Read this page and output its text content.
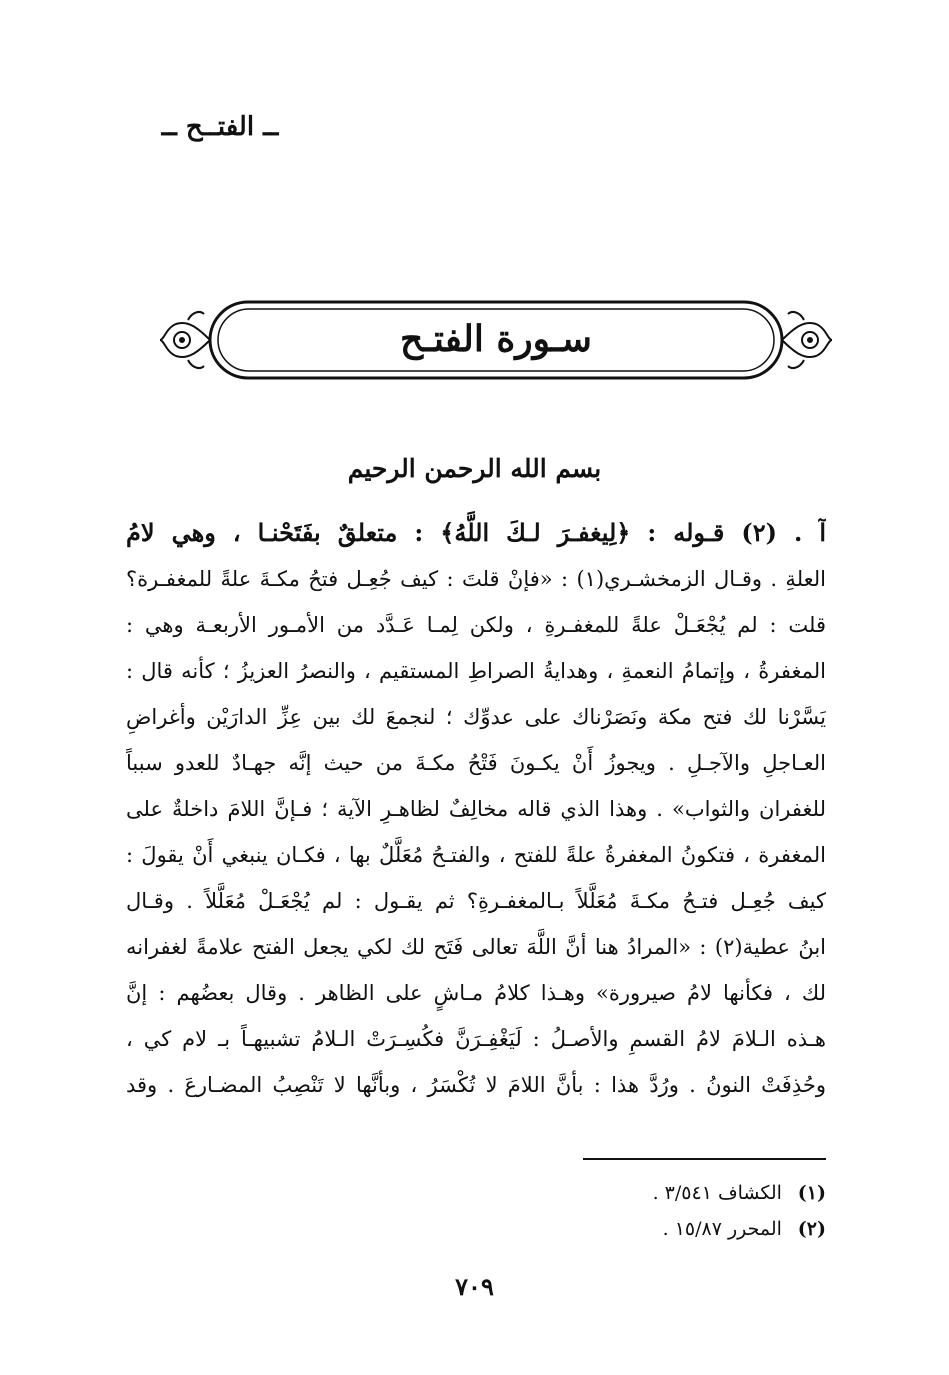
ــ الفتــح ــ
سـورة الفتـح
بسم الله الرحمن الرحيم
آ . (٢) قـوله : ﴿لِيغفـرَ لـكَ اللَّهُ﴾ : متعلقٌ بفَتَحْنـا ، وهي لامُ
العلةِ . وقـال الزمخشـري(١) : «فإنْ قلتَ : كيف جُعِـل فتحُ مكـةَ علةً للمغفـرة؟
قلت : لم يُجْعَـلْ علةً للمغفـرةِ ، ولكن لِمـا عَـدَّد من الأمـور الأربعـة وهي :
المغفرةُ ، وإتمامُ النعمةِ ، وهدايةُ الصراطِ المستقيم ، والنصرُ العزيزُ ؛ كأنه قال :
يَسَّرْنا لك فتح مكة ونَصَرْناك على عدوِّك ؛ لنجمعَ لك بين عِزِّ الدارَيْن وأغراضِ
العـاجلِ والآجـلِ . ويجوزُ أَنْ يكـونَ فَتْحُ مكـةَ من حيث إنَّه جهـادٌ للعدو سبباً
للغفران والثواب» . وهذا الذي قاله مخالِفٌ لظاهـرِ الآية ؛ فـإنَّ اللامَ داخلةٌ على
المغفرة ، فتكونُ المغفرةُ علةً للفتح ، والفتـحُ مُعَلَّلٌ بها ، فكـان ينبغي أَنْ يقولَ :
كيف جُعِـل فتـحُ مكـةَ مُعَلَّلاً بـالمغفـرةِ؟ ثم يقـول : لم يُجْعَـلْ مُعَلَّلاً . وقـال
ابنُ عطية(٢) : «المرادُ هنا أنَّ اللَّهَ تعالى فَتَح لك لكي يجعل الفتح علامةً لغفرانه
لك ، فكأنها لامُ صيرورة» وهـذا كلامُ مـاشٍ على الظاهر . وقال بعضُهم : إنَّ
هـذه الـلامَ لامُ القسمِ والأصـلُ : لَيَغْفِـرَنَّ فكُسِـرَتْ الـلامُ تشبيهـاً بـ لام كي ،
وحُذِفَتْ النونُ . ورُدَّ هذا : بأنَّ اللامَ لا تُكْسَرُ ، وبأنَّها لا تَنْصِبُ المضـارعَ . وقد
(١) الكشاف ٣/٥٤١ .
(٢) المحرر ١٥/٨٧ .
٧٠٩
